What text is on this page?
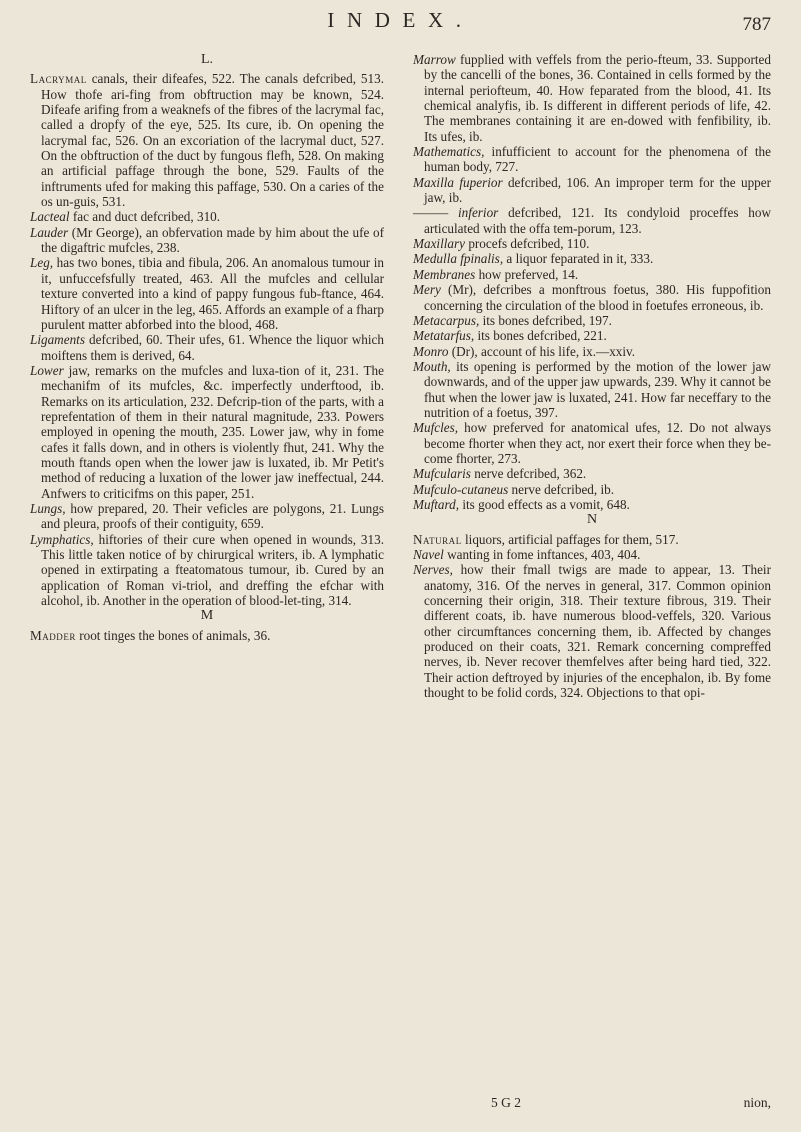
INDEX.	787
L.

Lacrymal canals, their difeafes, 522. The canals defcribed, 513. How thofe ari-fing from obftruction may be known, 524. Difeafe arifing from a weaknefs of the fibres of the lacrymal fac, called a dropfy of the eye, 525. Its cure, ib. On opening the lacrymal fac, 526. On an excoriation of the lacrymal duct, 527. On the obftruction of the duct by fungous flefh, 528. On making an artificial paffage through the bone, 529. Faults of the inftruments ufed for making this paffage, 530. On a caries of the os un-guis, 531.

Lacteal fac and duct defcribed, 310.

Lauder (Mr George), an obfervation made by him about the ufe of the digaftric mufcles, 238.

Leg, has two bones, tibia and fibula, 206. An anomalous tumour in it, unfuccefsfully treated, 463. All the mufcles and cellular texture converted into a kind of pappy fungous fub-ftance, 464. Hiftory of an ulcer in the leg, 465. Affords an example of a fharp purulent matter abforbed into the blood, 468.

Ligaments defcribed, 60. Their ufes, 61. Whence the liquor which moiftens them is derived, 64.

Lower jaw, remarks on the mufcles and luxa-tion of it, 231. The mechanifm of its mufcles, &c. imperfectly underftood, ib. Remarks on its articulation, 232. Defcrip-tion of the parts, with a reprefentation of them in their natural magnitude, 233. Powers employed in opening the mouth, 235. Lower jaw, why in fome cafes it falls down, and in others is violently fhut, 241. Why the mouth ftands open when the lower jaw is luxated, ib. Mr Petit's method of reducing a luxation of the lower jaw ineffectual, 244. Anfwers to criticifms on this paper, 251.

Lungs, how prepared, 20. Their veficles are polygons, 21. Lungs and pleura, proofs of their contiguity, 659.

Lymphatics, hiftories of their cure when opened in wounds, 313. This little taken notice of by chirurgical writers, ib. A lymphatic opened in extirpating a fteatomatous tumour, ib. Cured by an application of Roman vi-triol, and dreffing the efchar with alcohol, ib. Another in the operation of blood-let-ting, 314.

M

Madder root tinges the bones of animals, 36.

Marrow fupplied with veffels from the perio-fteum, 33. Supported by the cancelli of the bones, 36. Contained in cells formed by the internal periofteum, 40. How feparated from the blood, 41. Its chemical analyfis, ib. Is different in different periods of life, 42. The membranes containing it are en-dowed with fenfibility, ib. Its ufes, ib.

Mathematics, infufficient to account for the phenomena of the human body, 727.

Maxilla fuperior defcribed, 106. An improper term for the upper jaw, ib.

——— inferior defcribed, 121. Its condyloid proceffes how articulated with the offa tem-porum, 123.

Maxillary procefs defcribed, 110.

Medulla fpinalis, a liquor feparated in it, 333.

Membranes how preferved, 14.

Mery (Mr), defcribes a monftrous foetus, 380. His fuppofition concerning the circulation of the blood in foetufes erroneous, ib.

Metacarpus, its bones defcribed, 197.

Metatarfus, its bones defcribed, 221.

Monro (Dr), account of his life, ix.—xxiv.

Mouth, its opening is performed by the motion of the lower jaw downwards, and of the upper jaw upwards, 239. Why it cannot be fhut when the lower jaw is luxated, 241. How far neceffary to the nutrition of a foetus, 397.

Mufcles, how preferved for anatomical ufes, 12. Do not always become fhorter when they act, nor exert their force when they be-come fhorter, 273.

Mufcularis nerve defcribed, 362.

Mufculo-cutaneus nerve defcribed, ib.

Muftard, its good effects as a vomit, 648.

N

Natural liquors, artificial paffages for them, 517.

Navel wanting in fome inftances, 403, 404.

Nerves, how their fmall twigs are made to appear, 13. Their anatomy, 316. Of the nerves in general, 317. Common opinion concerning their origin, 318. Their texture fibrous, 319. Their different coats, ib. have numerous blood-veffels, 320. Various other circumftances concerning them, ib. Affected by changes produced on their coats, 321. Remark concerning compreffed nerves, ib. Never recover themfelves after being hard tied, 322. Their action deftroyed by injuries of the encephalon, ib. By fome thought to be folid cords, 324. Objections to that opi-

5 G 2	nion,
